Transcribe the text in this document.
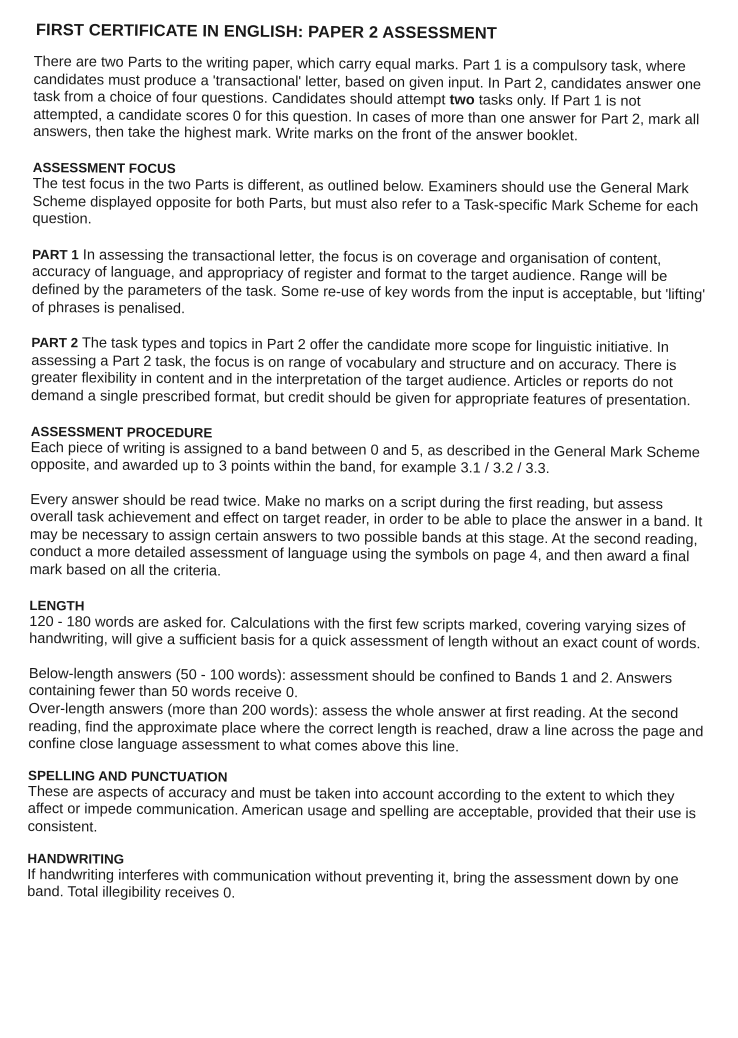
FIRST CERTIFICATE IN ENGLISH: PAPER 2 ASSESSMENT

There are two Parts to the writing paper, which carry equal marks. Part 1 is a compulsory task, where candidates must produce a 'transactional' letter, based on given input. In Part 2, candidates answer one task from a choice of four questions. Candidates should attempt two tasks only. If Part 1 is not attempted, a candidate scores 0 for this question. In cases of more than one answer for Part 2, mark all answers, then take the highest mark. Write marks on the front of the answer booklet.

ASSESSMENT FOCUS

The test focus in the two Parts is different, as outlined below. Examiners should use the General Mark Scheme displayed opposite for both Parts, but must also refer to a Task-specific Mark Scheme for each question.

PART 1 In assessing the transactional letter, the focus is on coverage and organisation of content, accuracy of language, and appropriacy of register and format to the target audience. Range will be defined by the parameters of the task. Some re-use of key words from the input is acceptable, but 'lifting' of phrases is penalised.

PART 2 The task types and topics in Part 2 offer the candidate more scope for linguistic initiative. In assessing a Part 2 task, the focus is on range of vocabulary and structure and on accuracy. There is greater flexibility in content and in the interpretation of the target audience. Articles or reports do not demand a single prescribed format, but credit should be given for appropriate features of presentation.

ASSESSMENT PROCEDURE

Each piece of writing is assigned to a band between 0 and 5, as described in the General Mark Scheme opposite, and awarded up to 3 points within the band, for example 3.1 / 3.2 / 3.3.

Every answer should be read twice. Make no marks on a script during the first reading, but assess overall task achievement and effect on target reader, in order to be able to place the answer in a band. It may be necessary to assign certain answers to two possible bands at this stage. At the second reading, conduct a more detailed assessment of language using the symbols on page 4, and then award a final mark based on all the criteria.

LENGTH

120 - 180 words are asked for. Calculations with the first few scripts marked, covering varying sizes of handwriting, will give a sufficient basis for a quick assessment of length without an exact count of words.

Below-length answers (50 - 100 words): assessment should be confined to Bands 1 and 2. Answers containing fewer than 50 words receive 0.

Over-length answers (more than 200 words): assess the whole answer at first reading. At the second reading, find the approximate place where the correct length is reached, draw a line across the page and confine close language assessment to what comes above this line.

SPELLING AND PUNCTUATION

These are aspects of accuracy and must be taken into account according to the extent to which they affect or impede communication. American usage and spelling are acceptable, provided that their use is consistent.

HANDWRITING

If handwriting interferes with communication without preventing it, bring the assessment down by one band. Total illegibility receives 0.
